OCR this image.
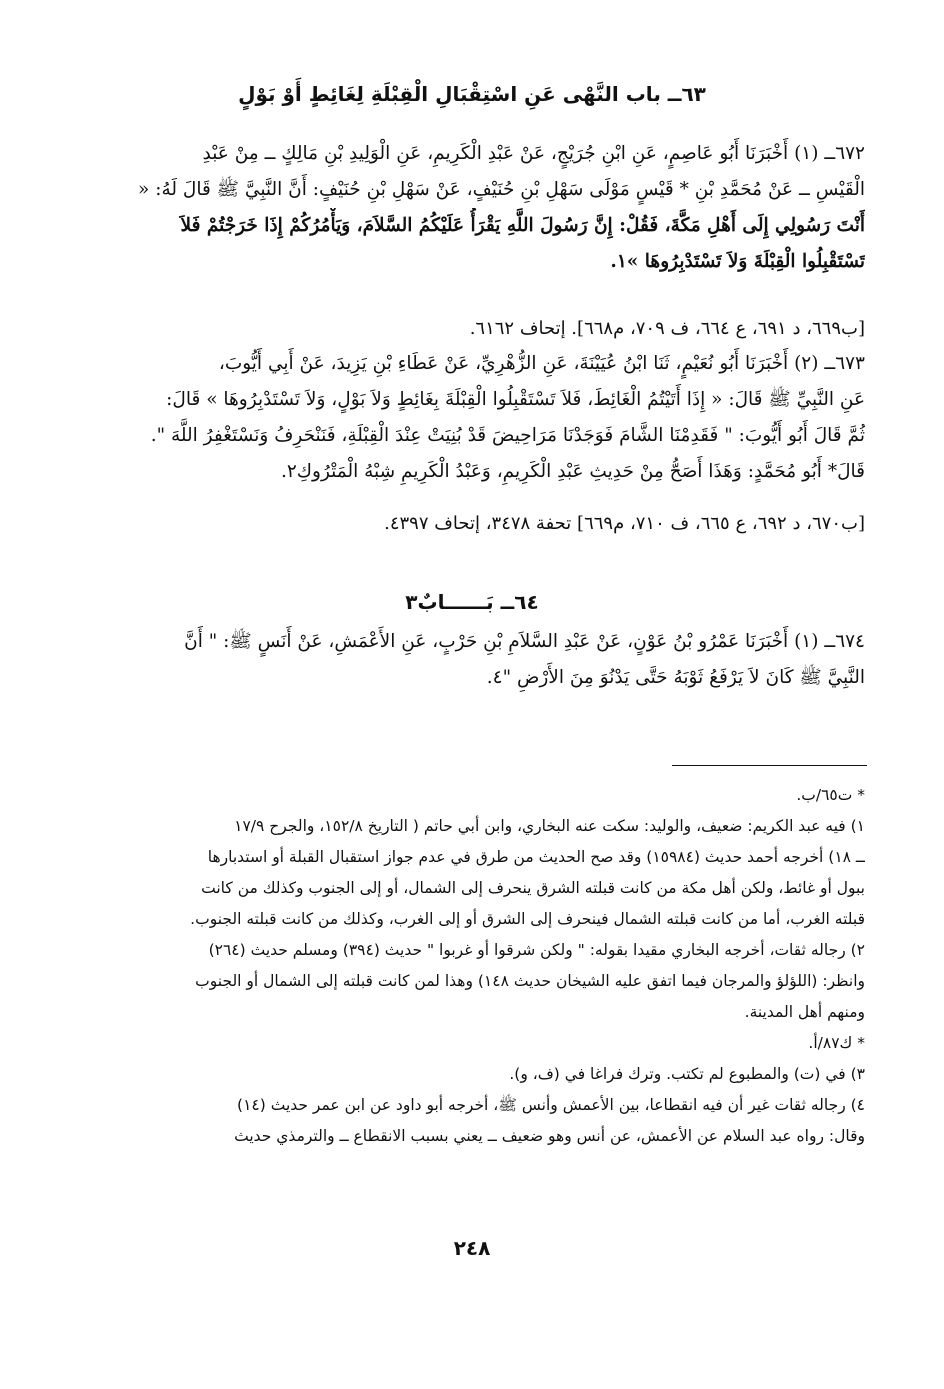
٦٣ــ باب النَّهْى عَنِ اسْتِقْبَالِ الْقِبْلَةِ لِغَائِطٍ أَوْ بَوْلٍ
٦٧٢ــ (١) أَخْبَرَنَا أَبُو عَاصِمٍ، عَنِ ابْنِ جُرَيْجٍ، عَنْ عَبْدِ الْكَرِيمِ، عَنِ الْوَلِيدِ بْنِ مَالِكٍ ــ مِنْ عَبْدِ
الْقَيْسِ ــ عَنْ مُحَمَّدِ بْنِ * قَيْسٍ مَوْلَى سَهْلِ بْنِ حُنَيْفٍ، عَنْ سَهْلِ بْنِ حُنَيْفٍ: أَنَّ النَّبِيَّ ﷺ قَالَ لَهُ: «
أَنْتَ رَسُولِي إِلَى أَهْلِ مَكَّةَ، فَقُلْ: إِنَّ رَسُولَ اللَّهِ يَقْرَأُ عَلَيْكُمُ السَّلاَمَ، وَيَأْمُرُكُمْ إِذَا خَرَجْتُمْ فَلاَ
تَسْتَقْبِلُوا الْقِبْلَةَ وَلاَ تَسْتَدْبِرُوهَا »١.
[ب٦٦٩، د ٦٩١، ع ٦٦٤، ف ٧٠٩، م٦٦٨]. إتحاف ٦١٦٢.
٦٧٣ــ (٢) أَخْبَرَنَا أَبُو نُعَيْمٍ، ثَنَا ابْنُ عُيَيْنَةَ، عَنِ الزُّهْرِيِّ، عَنْ عَطَاءِ بْنِ يَزِيدَ، عَنْ أَبِي أَيُّوبَ،
عَنِ النَّبِيِّ ﷺ قَالَ: « إِذَا أَتَيْتُمُ الْغَائِطَ، فَلاَ تَسْتَقْبِلُوا الْقِبْلَةَ بِغَائِطٍ وَلاَ بَوْلٍ، وَلاَ تَسْتَدْبِرُوهَا » قَالَ:
ثُمَّ قَالَ أَبُو أَيُّوبَ: " فَقَدِمْنَا الشَّامَ فَوَجَدْنَا مَرَاحِيضَ قَدْ بُنِيَتْ عِنْدَ الْقِبْلَةِ، فَنَنْحَرِفُ وَنَسْتَغْفِرُ اللَّهَ ".
قَالَ* أَبُو مُحَمَّدٍ: وَهَذَا أَصَحُّ مِنْ حَدِيثِ عَبْدِ الْكَرِيمِ، وَعَبْدُ الْكَرِيمِ شِبْهُ الْمَتْرُوكِ٢.
[ب٦٧٠، د ٦٩٢، ع ٦٦٥، ف ٧١٠، م٦٦٩] تحفة ٣٤٧٨، إتحاف ٤٣٩٧.
٦٤ــ بَــــــابٌ٣
٦٧٤ــ (١) أَخْبَرَنَا عَمْرُو بْنُ عَوْنٍ، عَنْ عَبْدِ السَّلاَمِ بْنِ حَرْبٍ، عَنِ الأَعْمَشِ، عَنْ أَنَسٍ ﷺ: " أَنَّ
النَّبِيَّ ﷺ كَانَ لاَ يَرْفَعُ ثَوْبَهُ حَتَّى يَدْنُوَ مِنَ الأَرْضِ "٤.
* ت٦٥/ب.
١) فيه عبد الكريم: ضعيف، والوليد: سكت عنه البخاري، وابن أبي حاتم ( التاريخ ١٥٢/٨، والجرح ١٧/٩
ــ ١٨) أخرجه أحمد حديث (١٥٩٨٤) وقد صح الحديث من طرق في عدم جواز استقبال القبلة أو استدبارها
ببول أو غائط، ولكن أهل مكة من كانت قبلته الشرق ينحرف إلى الشمال، أو إلى الجنوب وكذلك من كانت
قبلته الغرب، أما من كانت قبلته الشمال فينحرف إلى الشرق أو إلى الغرب، وكذلك من كانت قبلته الجنوب.
٢) رجاله ثقات، أخرجه البخاري مقيدا بقوله: " ولكن شرقوا أو غربوا " حديث (٣٩٤) ومسلم حديث (٢٦٤)
وانظر: (اللؤلؤ والمرجان فيما اتفق عليه الشيخان حديث ١٤٨) وهذا لمن كانت قبلته إلى الشمال أو الجنوب
ومنهم أهل المدينة.
* ك٨٧/أ.
٣) في (ت) والمطبوع لم تكتب. وترك فراغا في (ف، و).
٤) رجاله ثقات غير أن فيه انقطاعا، بين الأعمش وأنس ﷺ، أخرجه أبو داود عن ابن عمر حديث (١٤)
وقال: رواه عبد السلام عن الأعمش، عن أنس وهو ضعيف ــ يعني بسبب الانقطاع ــ والترمذي حديث
٢٤٨
